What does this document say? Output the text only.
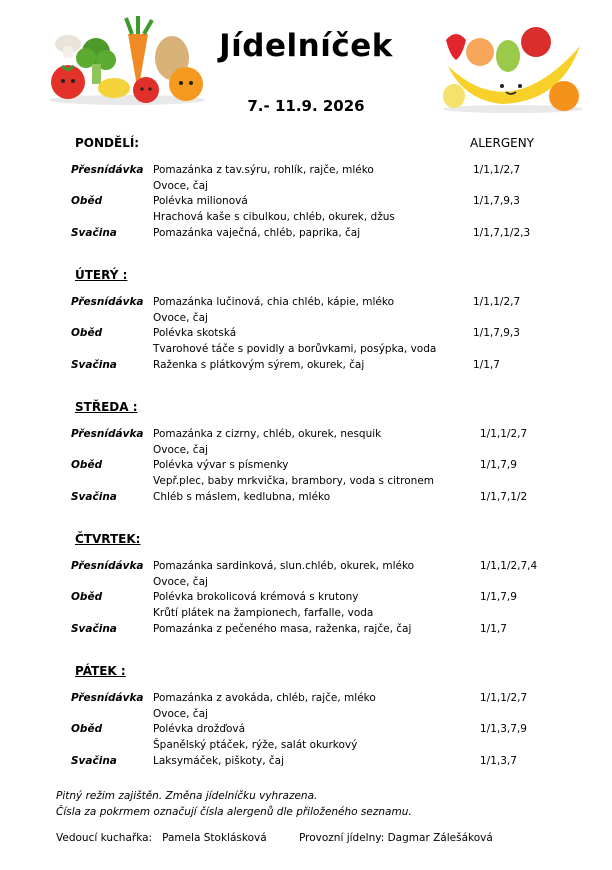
Jídelníček
7.- 11.9. 2026
ALERGENY
PONDĚLÍ:
Přesnídávka Pomazánka z tav.sýru, rohlík, rajče, mléko	1/1,1/2,7
Ovoce, čaj
Oběd	Polévka milionová	1/1,7,9,3
Hrachová kaše s cibulkou, chléb, okurek, džus
Svačina	Pomazánka vaječná, chléb, paprika, čaj	1/1,7,1/2,3
ÚTERÝ :
Přesnídávka Pomazánka lučinová, chia chléb, kápie, mléko	1/1,1/2,7
Ovoce, čaj
Oběd	Polévka skotská	1/1,7,9,3
Tvarohové táče s povidly a borůvkami, posýpka, voda
Svačina	Raženka s plátkovým sýrem, okurek, čaj	1/1,7
STŘEDA :
Přesnídávka Pomazánka z cizrny, chléb, okurek, nesquik	1/1,1/2,7
Ovoce, čaj
Oběd	Polévka vývar s písmenky	1/1,7,9
Vepř.plec, baby mrkvička, brambory, voda s citronem
Svačina	Chléb s máslem, kedlubna, mléko	1/1,7,1/2
ČTVRTEK:
Přesnídávka Pomazánka sardinková, slun.chléb, okurek, mléko	1/1,1/2,7,4
Ovoce, čaj
Oběd	Polévka brokolicová krémová s krutony	1/1,7,9
Krůtí plátek na žampionech, farfalle, voda
Svačina	Pomazánka z pečeného masa, raženka, rajče, čaj	1/1,7
PÁTEK :
Přesnídávka Pomazánka z avokáda, chléb, rajče, mléko	1/1,1/2,7
Ovoce, čaj
Oběd	Polévka drožďová	1/1,3,7,9
Španělský ptáček, rýže, salát okurkový
Svačina	Laksymáček, piškoty, čaj	1/1,3,7
Pitný režim zajištěn. Změna jídelníčku vyhrazena.
Čísla za pokrmem označují čísla alergenů dle přiloženého seznamu.
Vedoucí kuchařka: Pamela Stoklásková	Provozní jídelny: Dagmar Zálešáková
